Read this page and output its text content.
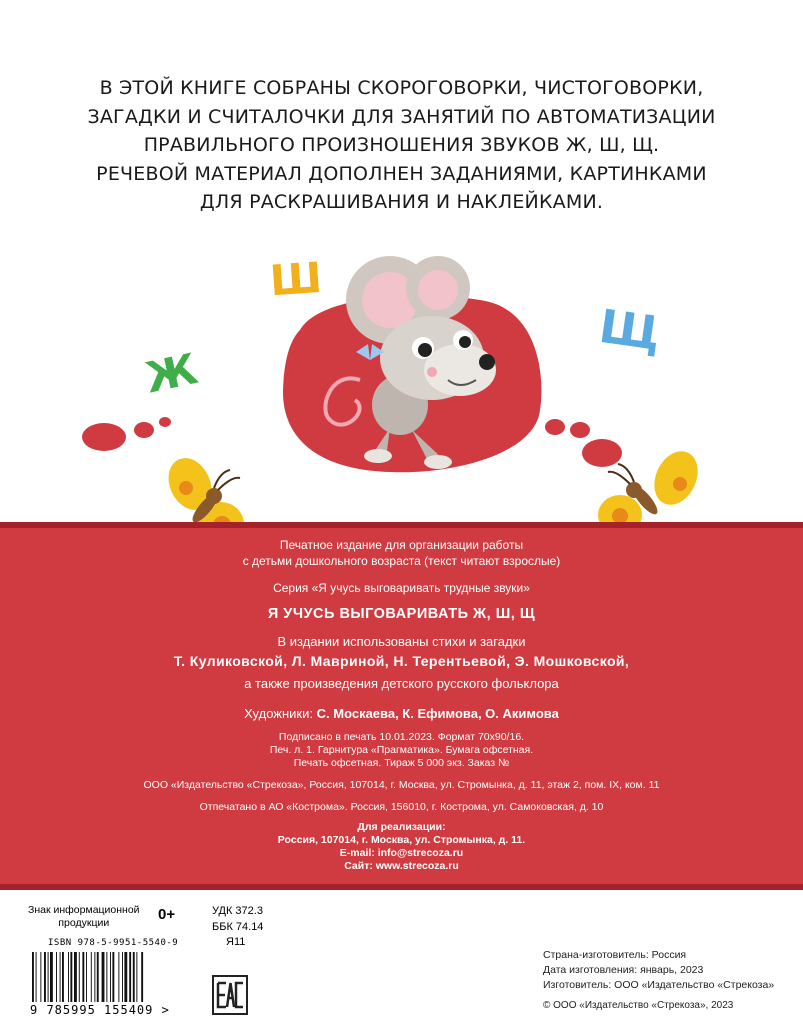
В ЭТОЙ КНИГЕ СОБРАНЫ СКОРОГОВОРКИ, ЧИСТОГОВОРКИ,
ЗАГАДКИ И СЧИТАЛОЧКИ ДЛЯ ЗАНЯТИЙ ПО АВТОМАТИЗАЦИИ
ПРАВИЛЬНОГО ПРОИЗНОШЕНИЯ ЗВУКОВ Ж, Ш, Щ.
РЕЧЕВОЙ МАТЕРИАЛ ДОПОЛНЕН ЗАДАНИЯМИ, КАРТИНКАМИ
ДЛЯ РАСКРАШИВАНИЯ И НАКЛЕЙКАМИ.
Ш
Ж
Щ
Печатное издание для организации работы
с детьми дошкольного возраста (текст читают взрослые)
Серия «Я учусь выговаривать трудные звуки»
Я УЧУСЬ ВЫГОВАРИВАТЬ Ж, Ш, Щ
В издании использованы стихи и загадки
Т. Куликовской, Л. Мавриной, Н. Терентьевой, Э. Мошковской,
а также произведения детского русского фольклора
Художники: С. Москаева, К. Ефимова, О. Акимова
Подписано в печать 10.01.2023. Формат 70х90/16.
Печ. л. 1. Гарнитура «Прагматика». Бумага офсетная.
Печать офсетная. Тираж 5 000 экз. Заказ №
ООО «Издательство «Стрекоза», Россия, 107014, г. Москва, ул. Стромынка, д. 11, этаж 2, пом. IX, ком. 11
Отпечатано в АО «Кострома». Россия, 156010, г. Кострома, ул. Самоковская, д. 10
Для реализации:
Россия, 107014, г. Москва, ул. Стромынка, д. 11.
E-mail: info@strecoza.ru
Сайт: www.strecoza.ru
Знак информационной
продукции	0+	УДК 372.3
ББК 74.14
Я11
ISBN 978-5-9951-5540-9
9 785995 155409 >
Страна-изготовитель: Россия
Дата изготовления: январь, 2023
Изготовитель: ООО «Издательство «Стрекоза»
© ООО «Издательство «Стрекоза», 2023
